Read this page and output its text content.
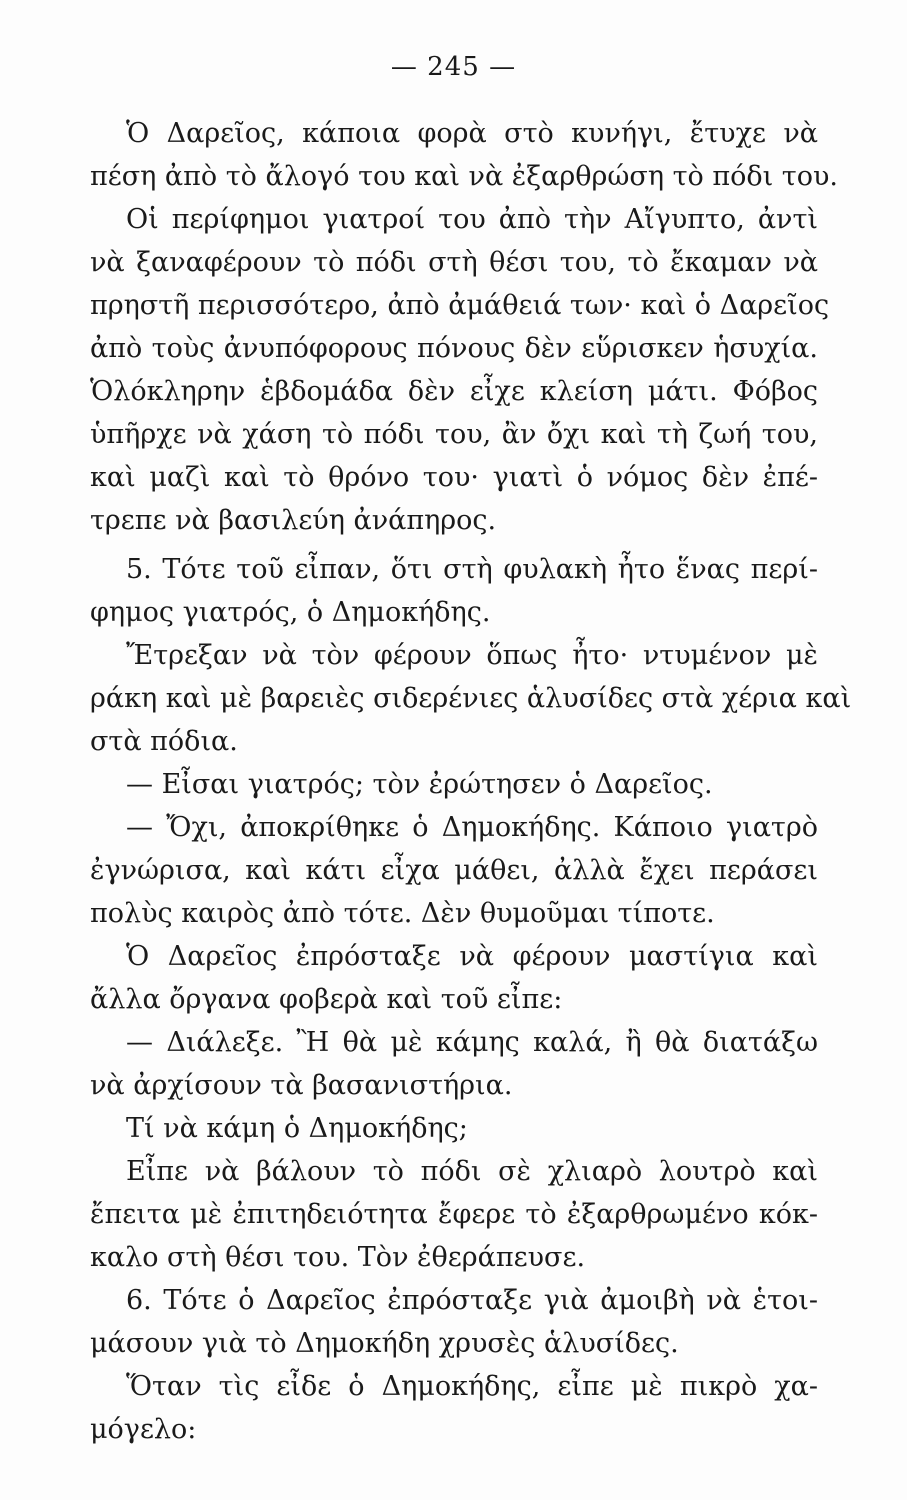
— 245 —
Ὁ Δαρεῖος, κάποια φορὰ στὸ κυνήγι, ἔτυχε νὰ
πέση ἀπὸ τὸ ἄλογό του καὶ νὰ ἐξαρθρώση τὸ πόδι του.
Οἱ περίφημοι γιατροί του ἀπὸ τὴν Αἴγυπτο, ἀντὶ
νὰ ξαναφέρουν τὸ πόδι στὴ θέσι του, τὸ ἔκαμαν νὰ
πρηστῆ περισσότερο, ἀπὸ ἀμάθειά των· καὶ ὁ Δαρεῖος
ἀπὸ τοὺς ἀνυπόφορους πόνους δὲν εὕρισκεν ἡσυχία.
Ὁλόκληρην ἑβδομάδα δὲν εἶχε κλείση μάτι. Φόβος
ὑπῆρχε νὰ χάση τὸ πόδι του, ἂν ὄχι καὶ τὴ ζωή του,
καὶ μαζὶ καὶ τὸ θρόνο του· γιατὶ ὁ νόμος δὲν ἐπέ-
τρεπε νὰ βασιλεύη ἀνάπηρος.
5. Τότε τοῦ εἶπαν, ὅτι στὴ φυλακὴ ἦτο ἕνας περί-
φημος γιατρός, ὁ Δημοκήδης.
Ἔτρεξαν νὰ τὸν φέρουν ὅπως ἦτο· ντυμένον μὲ
ράκη καὶ μὲ βαρειὲς σιδερένιες ἁλυσίδες στὰ χέρια καὶ
στὰ πόδια.
— Εἶσαι γιατρός; τὸν ἐρώτησεν ὁ Δαρεῖος.
— Ὄχι, ἀποκρίθηκε ὁ Δημοκήδης. Κάποιο γιατρὸ
ἐγνώρισα, καὶ κάτι εἶχα μάθει, ἀλλὰ ἔχει περάσει
πολὺς καιρὸς ἀπὸ τότε. Δὲν θυμοῦμαι τίποτε.
Ὁ Δαρεῖος ἐπρόσταξε νὰ φέρουν μαστίγια καὶ
ἄλλα ὄργανα φοβερὰ καὶ τοῦ εἶπε:
— Διάλεξε. Ἢ θὰ μὲ κάμης καλά, ἢ θὰ διατάξω
νὰ ἀρχίσουν τὰ βασανιστήρια.
Τί νὰ κάμη ὁ Δημοκήδης;
Εἶπε νὰ βάλουν τὸ πόδι σὲ χλιαρὸ λουτρὸ καὶ
ἔπειτα μὲ ἐπιτηδειότητα ἔφερε τὸ ἐξαρθρωμένο κόκ-
καλο στὴ θέσι του. Τὸν ἐθεράπευσε.
6. Τότε ὁ Δαρεῖος ἐπρόσταξε γιὰ ἀμοιβὴ νὰ ἑτοι-
μάσουν γιὰ τὸ Δημοκήδη χρυσὲς ἁλυσίδες.
Ὅταν τὶς εἶδε ὁ Δημοκήδης, εἶπε μὲ πικρὸ χα-
μόγελο:
